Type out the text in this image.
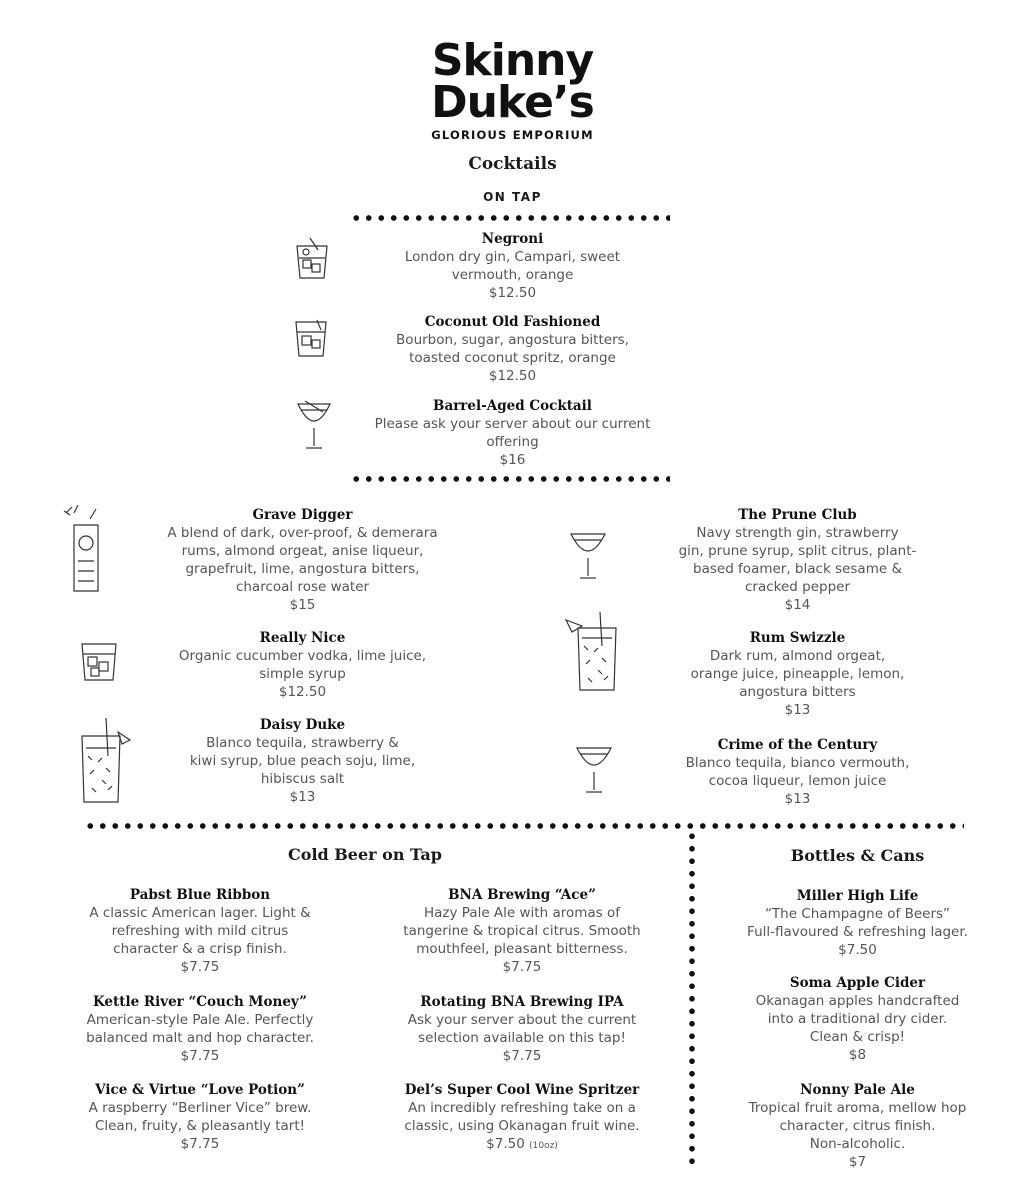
Skinny
Duke’s
GLORIOUS EMPORIUM
Cocktails
ON TAP
Negroni
London dry gin, Campari, sweet
vermouth, orange
$12.50
Coconut Old Fashioned
Bourbon, sugar, angostura bitters,
toasted coconut spritz, orange
$12.50
Barrel-Aged Cocktail
Please ask your server about our current
offering
$16
Grave Digger
A blend of dark, over-proof, & demerara
rums, almond orgeat, anise liqueur,
grapefruit, lime, angostura bitters,
charcoal rose water
$15
Really Nice
Organic cucumber vodka, lime juice,
simple syrup
$12.50
Daisy Duke
Blanco tequila, strawberry &
kiwi syrup, blue peach soju, lime,
hibiscus salt
$13
The Prune Club
Navy strength gin, strawberry
gin, prune syrup, split citrus, plant-
based foamer, black sesame &
cracked pepper
$14
Rum Swizzle
Dark rum, almond orgeat,
orange juice, pineapple, lemon,
angostura bitters
$13
Crime of the Century
Blanco tequila, bianco vermouth,
cocoa liqueur, lemon juice
$13
Cold Beer on Tap
Pabst Blue Ribbon
A classic American lager. Light &
refreshing with mild citrus
character & a crisp finish.
$7.75
Kettle River “Couch Money”
American-style Pale Ale. Perfectly
balanced malt and hop character.
$7.75
Vice & Virtue “Love Potion”
A raspberry “Berliner Vice” brew.
Clean, fruity, & pleasantly tart!
$7.75
BNA Brewing “Ace”
Hazy Pale Ale with aromas of
tangerine & tropical citrus. Smooth
mouthfeel, pleasant bitterness.
$7.75
Rotating BNA Brewing IPA
Ask your server about the current
selection available on this tap!
$7.75
Del’s Super Cool Wine Spritzer
An incredibly refreshing take on a
classic, using Okanagan fruit wine.
$7.50 (10oz)
Bottles & Cans
Miller High Life
“The Champagne of Beers”
Full-flavoured & refreshing lager.
$7.50
Soma Apple Cider
Okanagan apples handcrafted
into a traditional dry cider.
Clean & crisp!
$8
Nonny Pale Ale
Tropical fruit aroma, mellow hop
character, citrus finish.
Non-alcoholic.
$7
